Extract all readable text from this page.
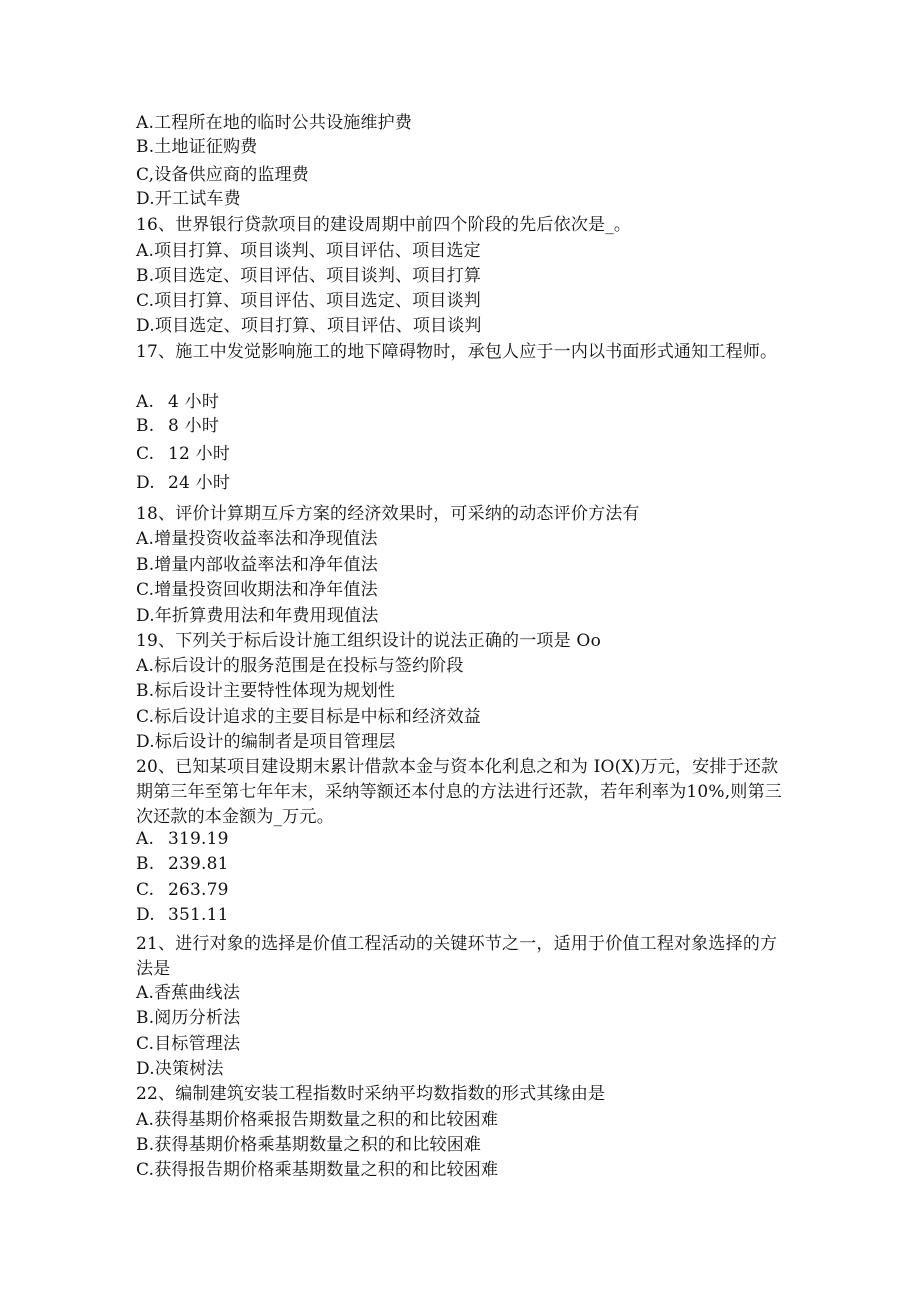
A.工程所在地的临时公共设施维护费
B.土地证征购费
C,设备供应商的监理费
D.开工试车费
16、世界银行贷款项目的建设周期中前四个阶段的先后依次是_。
A.项目打算、项目谈判、项目评估、项目选定
B.项目选定、项目评估、项目谈判、项目打算
C.项目打算、项目评估、项目选定、项目谈判
D.项目选定、项目打算、项目评估、项目谈判
17、施工中发觉影响施工的地下障碍物时，承包人应于一内以书面形式通知工程师。
A. 4 小时
B. 8 小时
C. 12 小时
D. 24 小时
18、评价计算期互斥方案的经济效果时，可采纳的动态评价方法有
A.增量投资收益率法和净现值法
B.增量内部收益率法和净年值法
C.增量投资回收期法和净年值法
D.年折算费用法和年费用现值法
19、下列关于标后设计施工组织设计的说法正确的一项是 Oo
A.标后设计的服务范围是在投标与签约阶段
B.标后设计主要特性体现为规划性
C.标后设计追求的主要目标是中标和经济效益
D.标后设计的编制者是项目管理层
20、已知某项目建设期末累计借款本金与资本化利息之和为 IO(X)万元，安排于还款期第三年至第七年年末，采纳等额还本付息的方法进行还款，若年利率为10%,则第三次还款的本金额为_万元。
A. 319.19
B. 239.81
C. 263.79
D. 351.11
21、进行对象的选择是价值工程活动的关键环节之一，适用于价值工程对象选择的方法是
A.香蕉曲线法
B.阅历分析法
C.目标管理法
D.决策树法
22、编制建筑安装工程指数时采纳平均数指数的形式其缘由是
A.获得基期价格乘报告期数量之积的和比较困难
B.获得基期价格乘基期数量之积的和比较困难
C.获得报告期价格乘基期数量之积的和比较困难
